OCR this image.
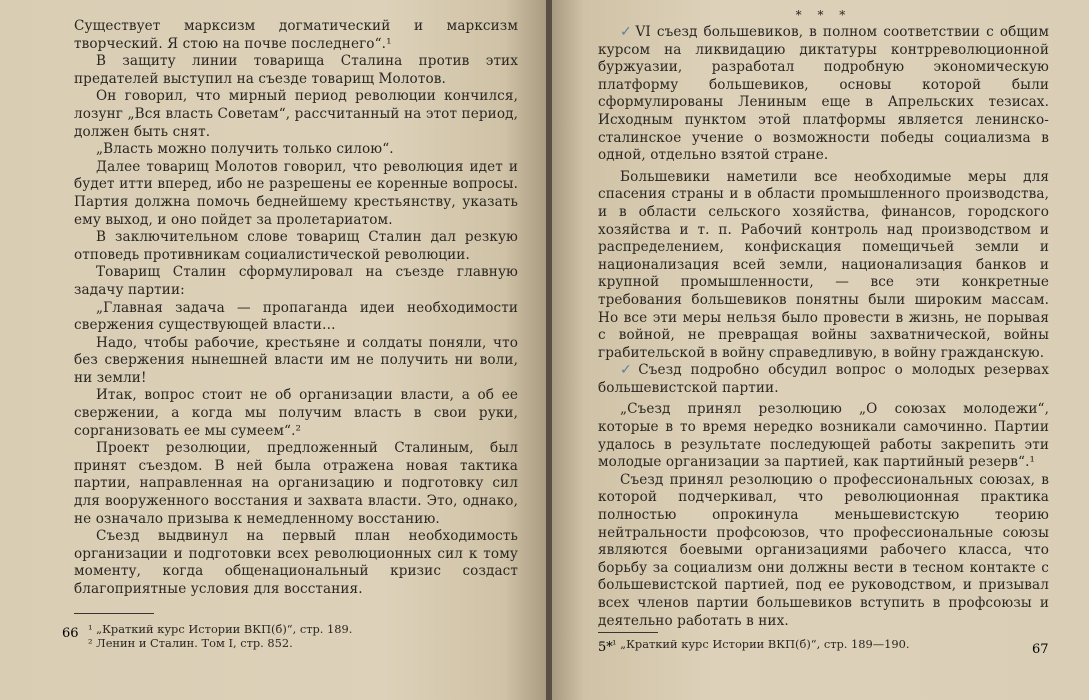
Существует марксизм догматический и марксизм творческий. Я стою на почве последнего“.¹

В защиту линии товарища Сталина против этих предателей выступил на съезде товарищ Молотов.

Он говорил, что мирный период революции кончился, лозунг „Вся власть Советам“, рассчитанный на этот период, должен быть снят.

„Власть можно получить только силою“.

Далее товарищ Молотов говорил, что революция идет и будет итти вперед, ибо не разрешены ее коренные вопросы. Партия должна помочь беднейшему крестьянству, указать ему выход, и оно пойдет за пролетариатом.

В заключительном слове товарищ Сталин дал резкую отповедь противникам социалистической революции.

Товарищ Сталин сформулировал на съезде главную задачу партии:

„Главная задача — пропаганда идеи необходимости свержения существующей власти…

Надо, чтобы рабочие, крестьяне и солдаты поняли, что без свержения нынешней власти им не получить ни воли, ни земли!

Итак, вопрос стоит не об организации власти, а об ее свержении, а когда мы получим власть в свои руки, сорганизовать ее мы сумеем“.²

Проект резолюции, предложенный Сталиным, был принят съездом. В ней была отражена новая тактика партии, направленная на организацию и подготовку сил для вооруженного восстания и захвата власти. Это, однако, не означало призыва к немедленному восстанию.

Съезд выдвинул на первый план необходимость организации и подготовки всех революционных сил к тому моменту, когда общенациональный кризис создаст благоприятные условия для восстания.

¹ „Краткий курс Истории ВКП(б)“, стр. 189.

² Ленин и Сталин. Том I, стр. 852.

66
* * *

✓ VI съезд большевиков, в полном соответствии с общим курсом на ликвидацию диктатуры контрреволюционной буржуазии, разработал подробную экономическую платформу большевиков, основы которой были сформулированы Лениным еще в Апрельских тезисах. Исходным пунктом этой платформы является ленинско-сталинское учение о возможности победы социализма в одной, отдельно взятой стране.

Большевики наметили все необходимые меры для спасения страны и в области промышленного производства, и в области сельского хозяйства, финансов, городского хозяйства и т. п. Рабочий контроль над производством и распределением, конфискация помещичьей земли и национализация всей земли, национализация банков и крупной промышленности, — все эти конкретные требования большевиков понятны были широким массам. Но все эти меры нельзя было провести в жизнь, не порывая с войной, не превращая войны захватнической, войны грабительской в войну справедливую, в войну гражданскую.

✓ Съезд подробно обсудил вопрос о молодых резервах большевистской партии.

„Съезд принял резолюцию „О союзах молодежи“, которые в то время нередко возникали самочинно. Партии удалось в результате последующей работы закрепить эти молодые организации за партией, как партийный резерв“.¹

Съезд принял резолюцию о профессиональных союзах, в которой подчеркивал, что революционная практика полностью опрокинула меньшевистскую теорию нейтральности профсоюзов, что профессиональные союзы являются боевыми организациями рабочего класса, что борьбу за социализм они должны вести в тесном контакте с большевистской партией, под ее руководством, и призывал всех членов партии большевиков вступить в профсоюзы и деятельно работать в них.

¹ „Краткий курс Истории ВКП(б)“, стр. 189—190.

5*	67
